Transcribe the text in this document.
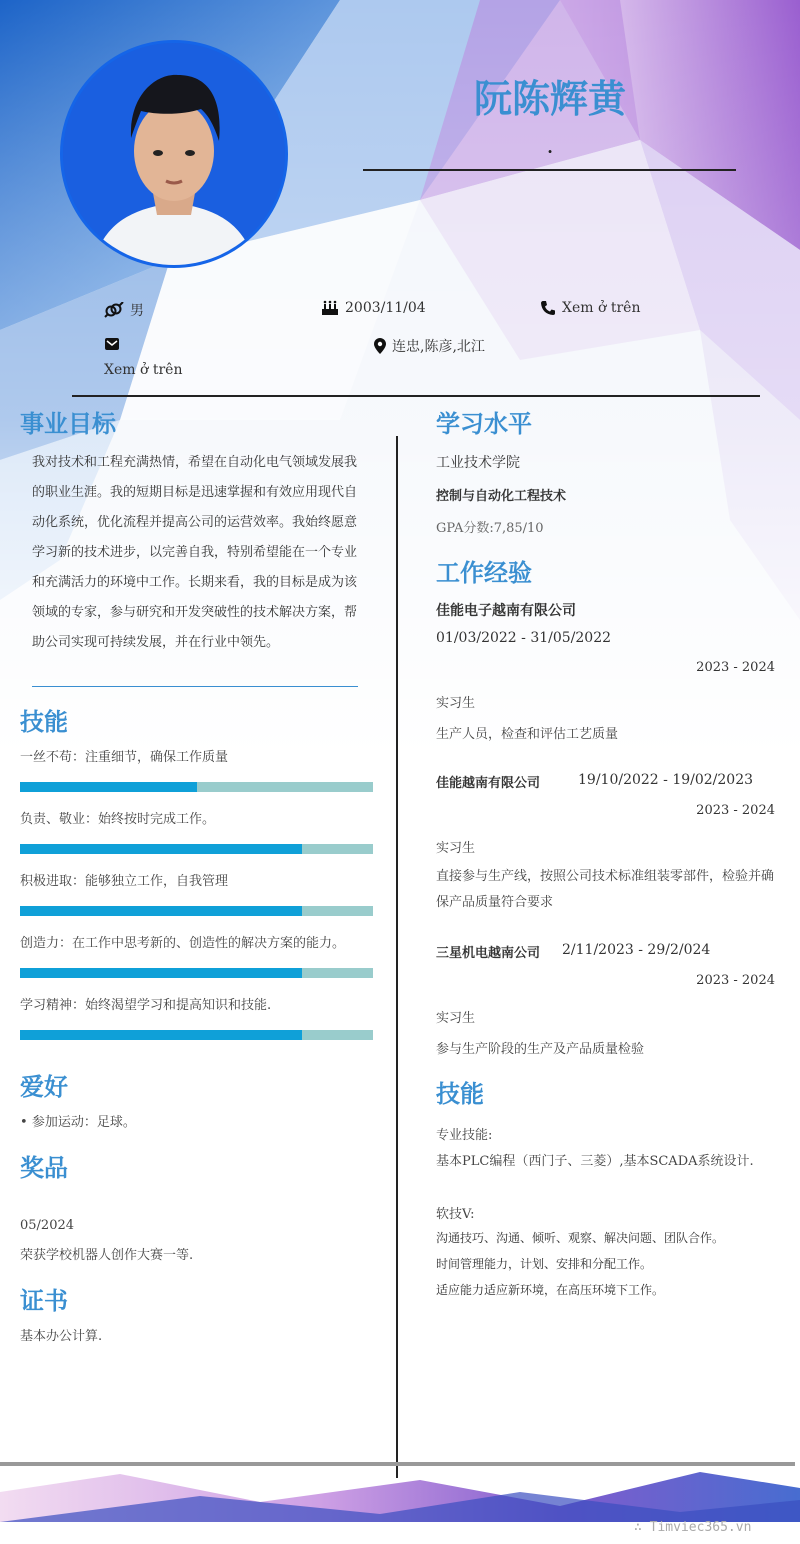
阮陈辉黄
.
男	2003/11/04	Xem ở trên
Xem ở trên
连忠,陈彦,北江
事业目标
我对技术和工程充满热情，希望在自动化电气领域发展我的职业生涯。我的短期目标是迅速掌握和有效应用现代自动化系统，优化流程并提高公司的运营效率。我始终愿意学习新的技术进步，以完善自我，特别希望能在一个专业和充满活力的环境中工作。长期来看，我的目标是成为该领域的专家，参与研究和开发突破性的技术解决方案，帮助公司实现可持续发展，并在行业中领先。
技能
一丝不苟：注重细节，确保工作质量
负责、敬业：始终按时完成工作。
积极进取：能够独立工作，自我管理
创造力：在工作中思考新的、创造性的解决方案的能力。
学习精神：始终渴望学习和提高知识和技能.
爱好
• 参加运动：足球。
奖品
05/2024
荣获学校机器人创作大赛一等.
证书
基本办公计算.
学习水平
工业技术学院
控制与自动化工程技术
GPA分数:7,85/10
工作经验
佳能电子越南有限公司
01/03/2022 - 31/05/2022
2023 - 2024
实习生
生产人员，检查和评估工艺质量
佳能越南有限公司	19/10/2022 - 19/02/2023
2023 - 2024
实习生
直接参与生产线，按照公司技术标准组装零部件，检验并确保产品质量符合要求
三星机电越南公司 2/11/2023 - 29/2/024
2023 - 2024
实习生
参与生产阶段的生产及产品质量检验
技能
专业技能:
基本PLC编程（西门子、三菱）,基本SCADA系统设计.
软技V:
沟通技巧、沟通、倾听、观察、解决问题、团队合作。
时间管理能力，计划、安排和分配工作。
适应能力适应新环境，在高压环境下工作。
∴ Timviec365.vn
